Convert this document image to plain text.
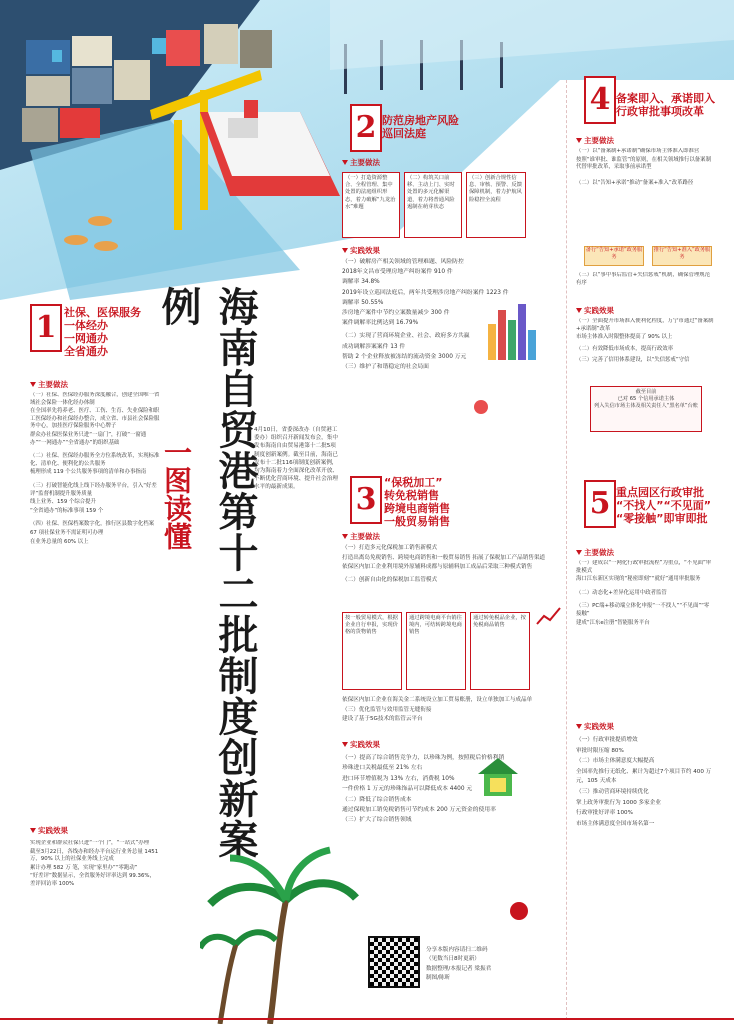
海南自贸港第十二批制度创新案例
一图读懂
4月10日，省委深改办（自贸港工委办）组织召开新闻发布会，集中发布海南自由贸易港第十二批5项制度创新案例。截至目前，海南已发布十二批116项制度创新案例，均为海南着力全面深化改革开放、不断优化营商环境、提升社会治理水平的最新成果。
1 社保、医保服务
一体经办
一网通办
全省通办
主要做法

（一）社保、医保经办服务深度融合，创建全国唯一省域社会保险一体化经办体制

在全国率先将养老、医疗、工伤、生育、失业保险和职工医保经办和社保经办整合，成立省、市县社会保险服务中心，加挂医疗保险服务中心牌子

群众办社保医保业务只进“一扇门”，打破“一窗通办”“一网通办”“全省通办”的组织基础

（二）社保、医保经办服务全方位系统改革，实现标准化、清单化、便利化的公共服务

梳理形成 119 个公共服务事项的清单和办事指南

（三）打破智能化线上线下经办服务平台，引入“好差评”监督机制提升服务质量

线上业务、159 个综合提升

“全省通办”的标准事项 159 个

（四）社保、医保档案数字化，推行区县数字化档案

67 项社保业务不需证明可办理

在业务总量的 60% 以上

实践效果

实现企业和群众社保只进“一个门”，“一站式”办理

截至3月22日，各线办和经办平台运行业务总量 1451 万，90% 以上的社保业务线上完成

累计办理 582 万 笔，实现“家里办”“零跑动”

“好差评”数据显示，全省服务好评率达到 99.36%，差评回访率 100%

2 防范房地产风险
巡回法庭
主要做法
（一）打造资源整合、全程管理、集中处置的法庭组织形态，着力破解“九龙治水”难题
（二）构筑关口前移、主动上门、实时处置的多元化解渠道，着力将普通风险遏制在萌芽状态
（三）创新合规性信息、审核、预警、反馈保障机制，着力护航风险稳控全流程
实践效果

（一）破解房产相关领域的管理难题、风险防控

2018年文昌市受理房地产纠纷案件 910 件

调解率 34.8%

2019年设立巡回法庭后，两年共受理涉房地产纠纷案件 1223 件

调解率 50.55%

涉房地产案件中节约立案数量减少 300 件

案件调解率比例达到 16.79%

（二）实现了营商环境企业、社会、政府多方共赢

成功调解涉案案件 13 件

帮助 2 个企业释放被冻结的流动资金 3000 万元

（三）维护了和谐稳定的社会局面

3 “保税加工”
转免税销售
跨境电商销售
一般贸易销售
主要做法

（一）打造多元化保税加工销售新模式

打造出离岛免税销售、跨境电商销售和一般贸易销售 拓展了保税加工产品销售渠道

依保区内加工企业利用境外原辅料成都与原辅料加工成品后采取三种模式销售

（二）创新自由化的保税加工监管模式

按一般贸易模式，根据企业自行申报，实现价格的货物销售
通过跨境电商平台销往境内，可结转跨境电商销售
通过转免税品企业，按免税商品销售

依保区内加工企业在海关金二系统设立加工贸易账册，设立单独加工与成品单

（三）优化监管与效用监管无缝衔接

建设了基于5G技术的监管云平台

实践效果

（一）提高了综合销售竞争力，以珍珠为例，按照税后价格利销

珍珠进口关税最低至 21% 左右

进口环节增值税为 13% 左右，消费税 10%

一件价格 1 万元的珍珠饰品可以降低成本 4400 元

（二）降低了综合销售成本

通过保税加工销免税销售可节约成本 200 万元资金的使用率

（三）扩大了综合销售领域

4 备案即入、承诺即入
行政审批事项改革
主要做法

（一）以“备案制+承诺制”确保市场主体准入即准营

按照“谁审批、谁监管”的原则，在相关领域推行以备案制代替审批改革，采取事前承诺型

（二）以“告知+承诺”推动“备案+准入”改革路径

备行“告知+承诺”政务服务
推行“告知+准入”政务服务

（三）以“事中事后监管+失信惩戒”机制，确保管理规范有序

实践效果

（一）全面提升市场准入便利化程度，万宁市通过“备案制+承诺制”改革

市场主体准入时限整体提高了 90% 以上

（二）有效降低市场成本，提高行政效率

（三）完善了信用体系建设，以“失信惩戒”守信

截至目前
已对 65 个信用承诺主体
列入失信市场主体及相关责任人“黑名单”台账
5 重点园区行政审批
“不找人”“不见面”
“零接触”即审即批
主要做法

（一）建成以“一网化行政审批流程”为重点，“不见面”审批模式

海口江东新区实现的“秘密即刻”“就好”通用审批服务

（二）动态化+差异化运用中政者监管

（三）PC端+移动端立体化申报“一不找人”“不见面”“零接触”

建成“江东e注册”智能服务平台

实践效果

（一）行政审批提质增效

审批时限压缩 80%

（二）市场主体满意度大幅提高

全国率先推行无纸化、累计为超过7个项目节约 400 万元，105 天成本

（三）推动营商环境持续优化

掌上政务审批行为 1000 多家企业

行政审批好评率 100%

市场主体满意度全国市场名第一

分享本版内容请扫二维码

（见数当日8时更新）

数据整理/本报记者 梁振君

制图/陈昕
